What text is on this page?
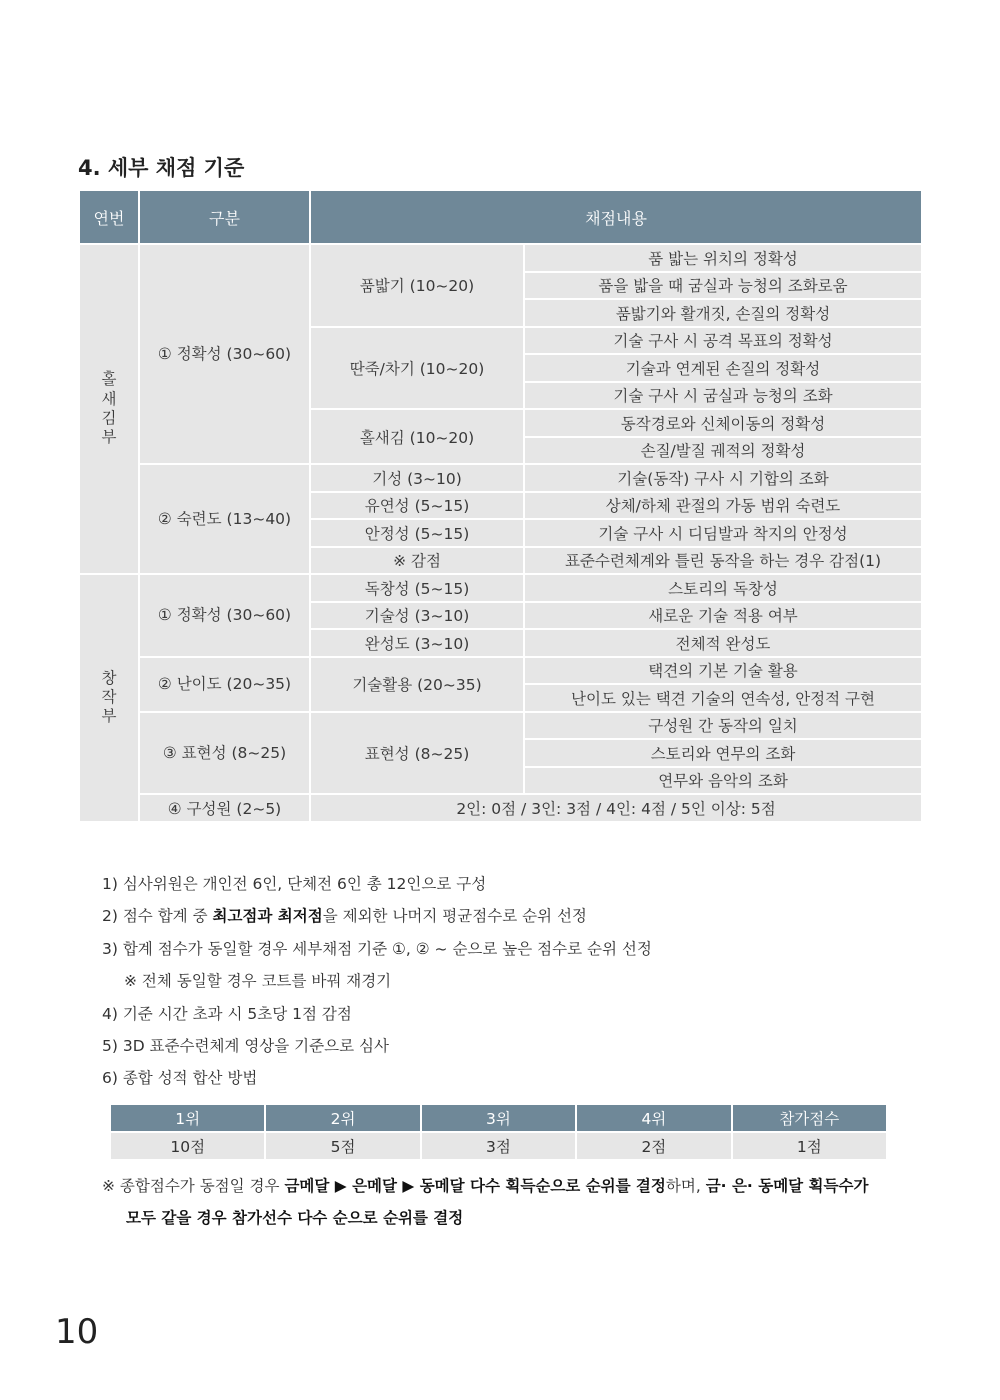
4. 세부 채점 기준
연번	구분	채점내용	
홀
새
김
부	① 정확성 (30~60)	품밟기 (10~20)	품 밟는 위치의 정확성
			품을 밟을 때 굼실과 능청의 조화로움
			품밟기와 활개짓, 손질의 정확성
		딴죽/차기 (10~20)	기술 구사 시 공격 목표의 정확성
			기술과 연계된 손질의 정확성
			기술 구사 시 굼실과 능청의 조화
		홀새김 (10~20)	동작경로와 신체이동의 정확성
			손질/발질 궤적의 정확성
	② 숙련도 (13~40)	기성 (3~10)	기술(동작) 구사 시 기합의 조화
		유연성 (5~15)	상체/하체 관절의 가동 범위 숙련도
		안정성 (5~15)	기술 구사 시 디딤발과 착지의 안정성
		※ 감점	표준수련체계와 틀린 동작을 하는 경우 감점(1)
창
작
부	① 정확성 (30~60)	독창성 (5~15)	스토리의 독창성
		기술성 (3~10)	새로운 기술 적용 여부
		완성도 (3~10)	전체적 완성도
	② 난이도 (20~35)	기술활용 (20~35)	택견의 기본 기술 활용
			난이도 있는 택견 기술의 연속성, 안정적 구현
	③ 표현성 (8~25)	표현성 (8~25)	구성원 간 동작의 일치
			스토리와 연무의 조화
			연무와 음악의 조화
	④ 구성원 (2~5)	2인: 0점 / 3인: 3점 / 4인: 4점 / 5인 이상: 5점	
1) 심사위원은 개인전 6인, 단체전 6인 총 12인으로 구성
2) 점수 합계 중 최고점과 최저점을 제외한 나머지 평균점수로 순위 선정
3) 합계 점수가 동일할 경우 세부채점 기준 ①, ② ~ 순으로 높은 점수로 순위 선정
※ 전체 동일할 경우 코트를 바꿔 재경기
4) 기준 시간 초과 시 5초당 1점 감점
5) 3D 표준수련체계 영상을 기준으로 심사
6) 종합 성적 합산 방법
1위	2위	3위	4위	참가점수
10점	5점	3점	2점	1점
※ 종합점수가 동점일 경우 금메달 ▶ 은메달 ▶ 동메달 다수 획득순으로 순위를 결정하며, 금· 은· 동메달 획득수가
모두 같을 경우 참가선수 다수 순으로 순위를 결정
10
